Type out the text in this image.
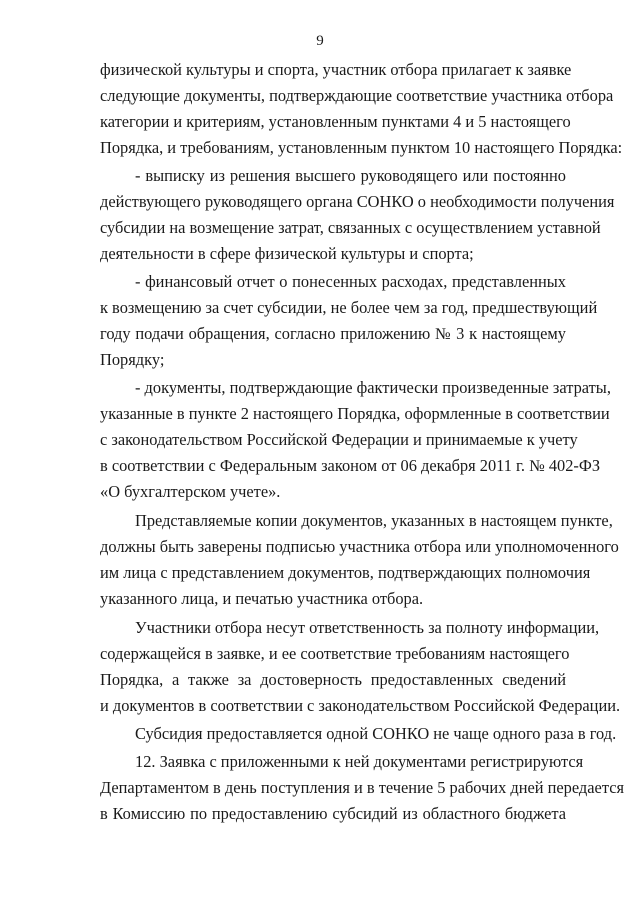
9
физической культуры и спорта, участник отбора прилагает к заявке
следующие документы, подтверждающие соответствие участника отбора
категории и критериям, установленным пунктами 4 и 5 настоящего
Порядка, и требованиям, установленным пунктом 10 настоящего Порядка:
- выписку из решения высшего руководящего или постоянно
действующего руководящего органа СОНКО о необходимости получения
субсидии на возмещение затрат, связанных с осуществлением уставной
деятельности в сфере физической культуры и спорта;
- финансовый отчет о понесенных расходах, представленных
к возмещению за счет субсидии, не более чем за год, предшествующий
году подачи обращения, согласно приложению № 3 к настоящему
Порядку;
- документы, подтверждающие фактически произведенные затраты,
указанные в пункте 2 настоящего Порядка, оформленные в соответствии
с законодательством Российской Федерации и принимаемые к учету
в соответствии с Федеральным законом от 06 декабря 2011 г. № 402-ФЗ
«О бухгалтерском учете».
Представляемые копии документов, указанных в настоящем пункте,
должны быть заверены подписью участника отбора или уполномоченного
им лица с представлением документов, подтверждающих полномочия
указанного лица, и печатью участника отбора.
Участники отбора несут ответственность за полноту информации,
содержащейся в заявке, и ее соответствие требованиям настоящего
Порядка, а также за достоверность предоставленных сведений
и документов в соответствии с законодательством Российской Федерации.
Субсидия предоставляется одной СОНКО не чаще одного раза в год.
12. Заявка с приложенными к ней документами регистрируются
Департаментом в день поступления и в течение 5 рабочих дней передается
в Комиссию по предоставлению субсидий из областного бюджета
